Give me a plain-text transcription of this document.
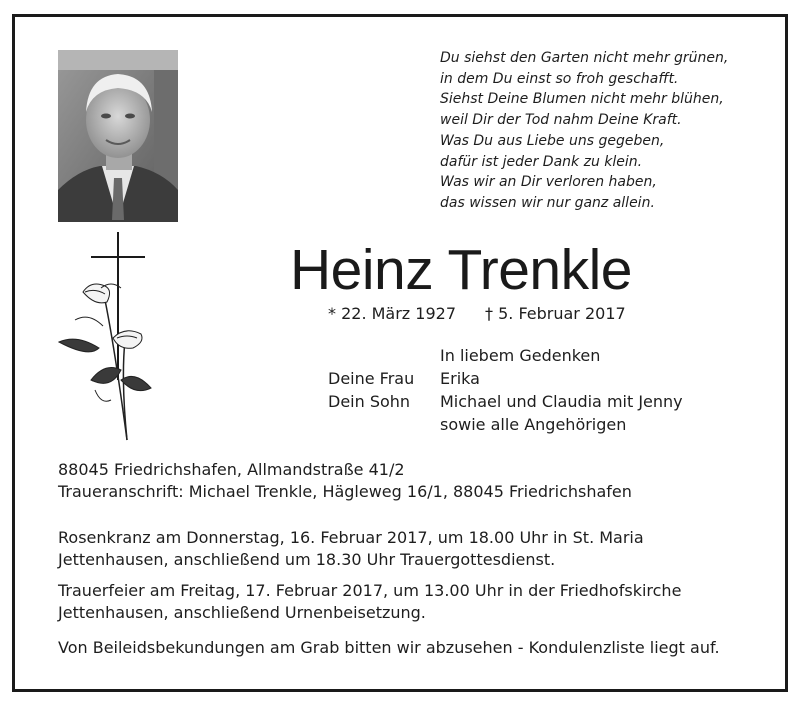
Du siehst den Garten nicht mehr grünen,
in dem Du einst so froh geschafft.
Siehst Deine Blumen nicht mehr blühen,
weil Dir der Tod nahm Deine Kraft.
Was Du aus Liebe uns gegeben,
dafür ist jeder Dank zu klein.
Was wir an Dir verloren haben,
das wissen wir nur ganz allein.
Heinz Trenkle
* 22. März 1927 † 5. Februar 2017
In liebem Gedenken
Deine Frau Erika
Dein Sohn Michael und Claudia mit Jenny
sowie alle Angehörigen
88045 Friedrichshafen, Allmandstraße 41/2
Traueranschrift: Michael Trenkle, Hägleweg 16/1, 88045 Friedrichshafen
Rosenkranz am Donnerstag, 16. Februar 2017, um 18.00 Uhr in St. Maria
Jettenhausen, anschließend um 18.30 Uhr Trauergottesdienst.
Trauerfeier am Freitag, 17. Februar 2017, um 13.00 Uhr in der Friedhofskirche
Jettenhausen, anschließend Urnenbeisetzung.
Von Beileidsbekundungen am Grab bitten wir abzusehen - Kondulenzliste liegt auf.
